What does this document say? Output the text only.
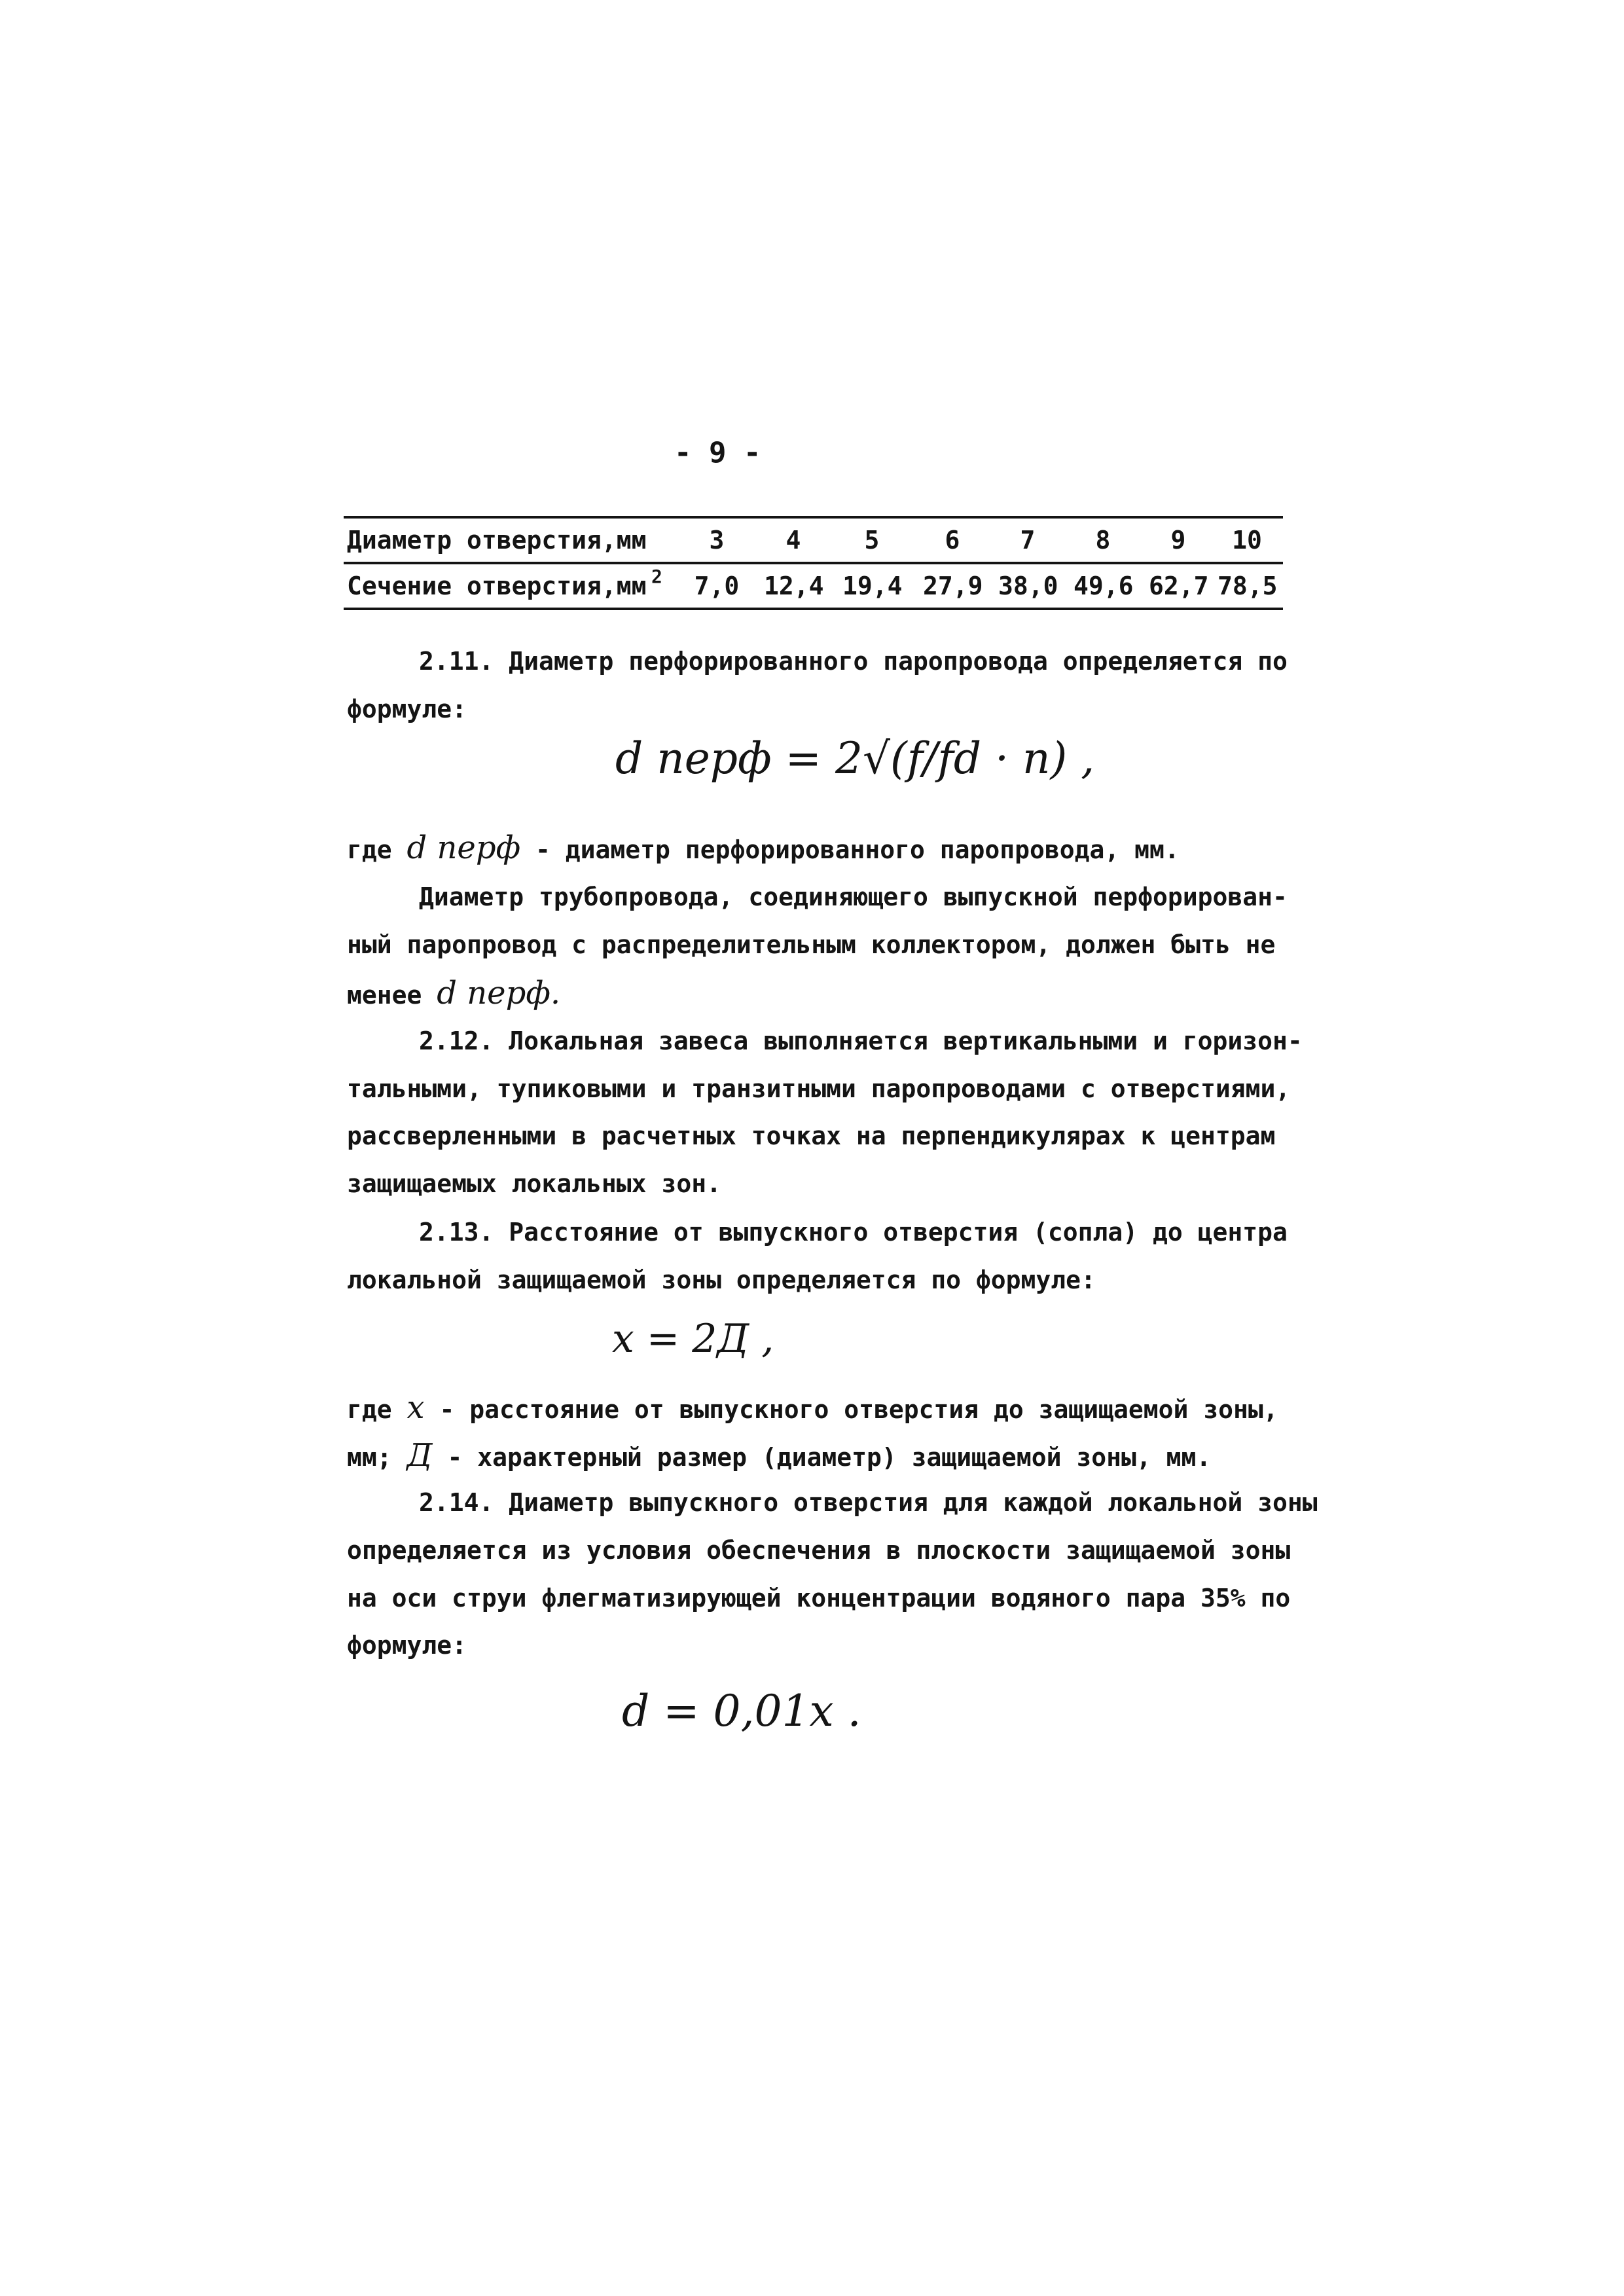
- 9 -
Диаметр отверстия,мм	3	4	5	6	7	8	9	10
Сечение отверстия,мм 2 7,0 12,4 19,4 27,9 38,0 49,6 62,7 78,5
2.11. Диаметр перфорированного паропровода определяется по
формуле:
d перф = 2√(f/fd · n) ,
где d перф - диаметр перфорированного паропровода, мм.
Диаметр трубопровода, соединяющего выпускной перфорирован-
ный паропровод с распределительным коллектором, должен быть не
менее d перф.
2.12. Локальная завеса выполняется вертикальными и горизон-
тальными, тупиковыми и транзитными паропроводами с отверстиями,
рассверленными в расчетных точках на перпендикулярах к центрам
защищаемых локальных зон.
2.13. Расстояние от выпускного отверстия (сопла) до центра
локальной защищаемой зоны определяется по формуле:
x = 2Д ,
где x - расстояние от выпускного отверстия до защищаемой зоны,
мм; Д - характерный размер (диаметр) защищаемой зоны, мм.
2.14. Диаметр выпускного отверстия для каждой локальной зоны
определяется из условия обеспечения в плоскости защищаемой зоны
на оси струи флегматизирующей концентрации водяного пара 35% по
формуле:
d = 0,01x .
